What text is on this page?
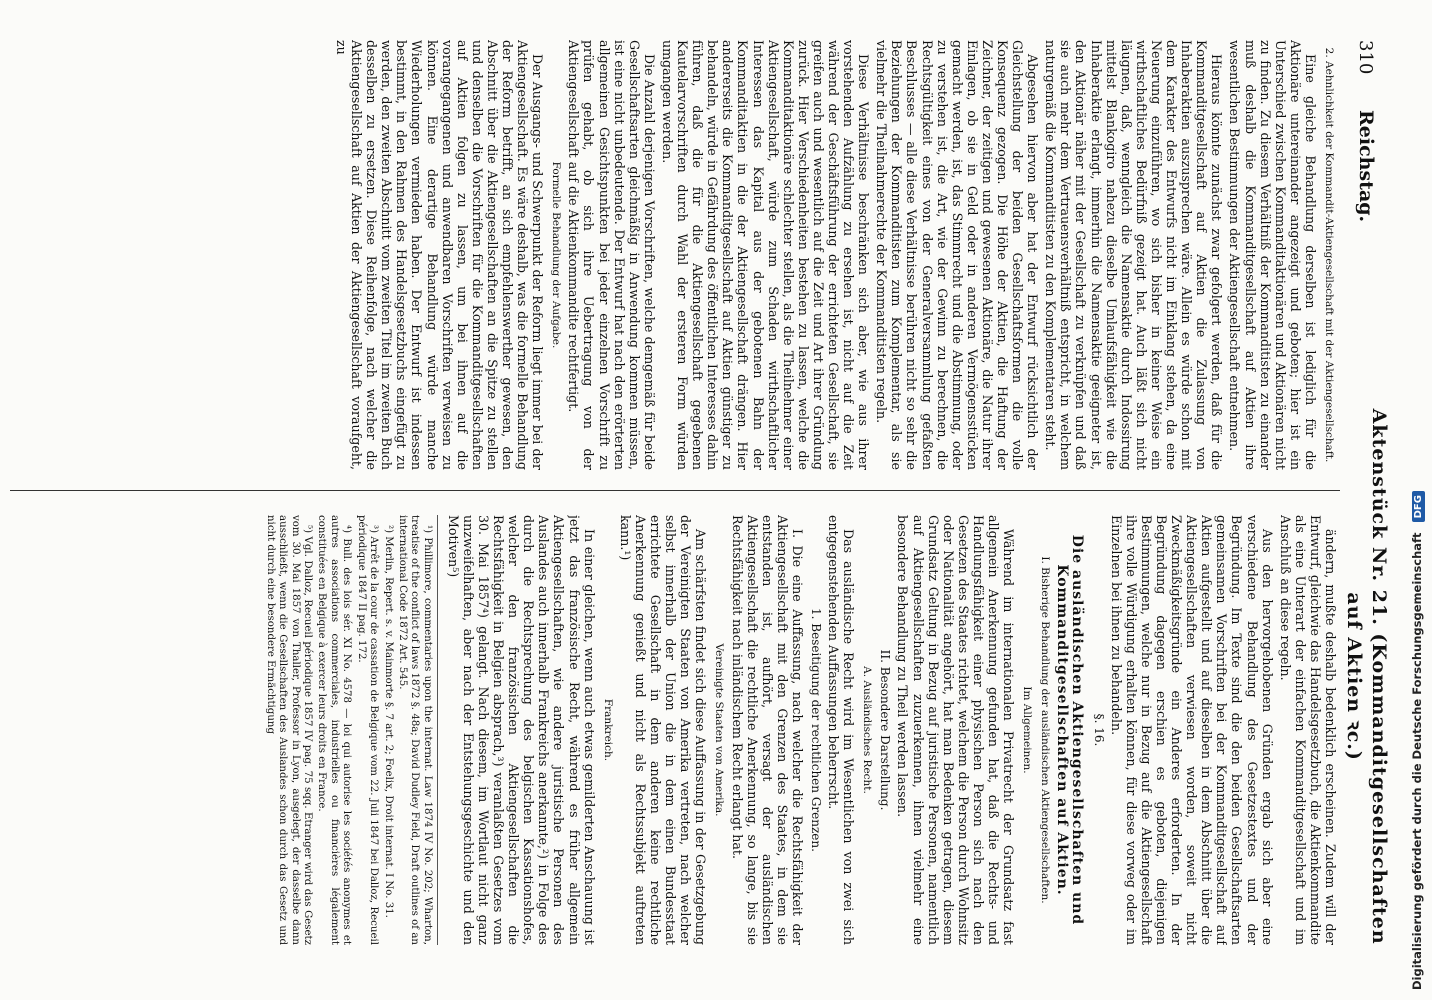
310
Reichstag.
Aktenstück Nr. 21. (Kommanditgesellschaften auf Aktien ꝛc.)

2. Aehnlichkeit der Kommandit-Aktiengesellschaft mit der Aktiengesellschaft.

Eine gleiche Behandlung derselben ist lediglich für die Aktionäre untereinander angezeigt und geboten; hier ist ein Unterschied zwischen Kommanditaktionären und Aktionären nicht zu finden. Zu diesem Verhältniß der Kommanditisten zu einander muß deshalb die Kommanditgesellschaft auf Aktien ihre wesentlichen Bestimmungen der Aktiengesellschaft entnehmen.

Hieraus könnte zunächst zwar gefolgert werden, daß für die Kommanditgesellschaft auf Aktien die Zulassung von Inhaberaktien auszusprechen wäre. Allein es würde schon mit dem Karakter des Entwurfs nicht im Einklang stehen, da eine Neuerung einzuführen, wo sich bisher in keiner Weise ein wirthschaftliches Bedürfniß gezeigt hat. Auch läßt sich nicht läugnen, daß, wenngleich die Namensaktie durch Indossirung mittelst Blankogiro nahezu dieselbe Umlaufsfähigkeit wie die Inhaberaktie erlangt, immerhin die Namensaktie geeigneter ist, den Aktionär näher mit der Gesellschaft zu verknüpfen und daß sie auch mehr dem Vertrauensverhältniß entspricht, in welchem naturgemäß die Kommanditisten zu den Komplementaren steht.

Abgesehen hiervon aber hat der Entwurf rücksichtlich der Gleichstellung der beiden Gesellschaftsformen die volle Konsequenz gezogen. Die Höhe der Aktien, die Haftung der Zeichner, der zeitigen und gewesenen Aktionäre, die Natur ihrer Einlagen, ob sie in Geld oder in anderen Vermögensstücken gemacht werden, ist, das Stimmrecht und die Abstimmung, oder zu verstehen ist, die Art, wie der Gewinn zu berechnen, die Rechtsgültigkeit eines von der Generalversammlung gefaßten Beschlusses — alle diese Verhältnisse berühren nicht so sehr die Beziehungen der Kommanditisten zum Komplementar, als sie vielmehr die Theilnahmerechte der Kommanditisten regeln.

Diese Verhältnisse beschränken sich aber, wie aus ihrer vorstehenden Aufzählung zu ersehen ist, nicht auf die Zeit während der Geschäftsführung der errichteten Gesellschaft, sie greifen auch und wesentlich auf die Zeit und Art ihrer Gründung zurück. Hier Verschiedenheiten bestehen zu lassen, welche die Kommanditaktionäre schlechter stellen, als die Theilnehmer einer Aktiengesellschaft, würde zum Schaden wirthschaftlicher Interessen das Kapital aus der gebotenen Bahn der Kommanditaktien in die der Aktiengesellschaft drängen. Hier andererseits die Kommanditgesellschaft auf Aktien günstiger zu behandeln, würde in Gefährdung des öffentlichen Interesses dahin führen, daß die für die Aktiengesellschaft gegebenen Kautelarvorschriften durch Wahl der ersteren Form würden umgangen werden.

Die Anzahl derjenigen Vorschriften, welche demgemäß für beide Gesellschaftsarten gleichmäßig in Anwendung kommen müssen, ist eine nicht unbedeutende. Der Entwurf hat nach den erörterten allgemeinen Gesichtspunkten bei jeder einzelnen Vorschrift zu prüfen gehabt, ob sich ihre Uebertragung von der Aktiengesellschaft auf die Aktienkommandite rechtfertigt.

Formelle Behandlung der Aufgabe.

Der Ausgangs- und Schwerpunkt der Reform liegt immer bei der Aktiengesellschaft. Es wäre deshalb, was die formelle Behandlung der Reform betrifft, an sich empfehlenswerther gewesen, den Abschnitt über die Aktiengesellschaften an die Spitze zu stellen und denselben die Vorschriften für die Kommanditgesellschaften auf Aktien folgen zu lassen, um bei ihnen auf die vorangegangenen und anwendbaren Vorschriften verweisen zu können. Eine derartige Behandlung würde manche Wiederholungen vermieden haben. Der Entwurf ist indessen bestimmt, in den Rahmen des Handelsgesetzbuchs eingefügt zu werden, den zweiten Abschnitt vom zweiten Titel im zweiten Buch desselben zu ersetzen. Diese Reihenfolge, nach welcher die Aktiengesellschaft auf Aktien der Aktiengesellschaft voraufgeht, zu

ändern, mußte deshalb bedenklich erscheinen. Zudem will der Entwurf, gleichwie das Handelsgesetzbuch, die Aktienkommandite als eine Unterart der einfachen Kommanditgesellschaft und im Anschluß an diese regeln.

Aus den hervorgehobenen Gründen ergab sich aber eine verschiedene Behandlung des Gesetzestextes und der Begründung. Im Texte sind die den beiden Gesellschaftsarten gemeinsamen Vorschriften bei der Kommanditgesellschaft auf Aktien aufgestellt und auf dieselben in dem Abschnitt über die Aktiengesellschaften verwiesen worden, soweit nicht Zweckmäßigkeitsgründe ein Anderes erforderten. In der Begründung dagegen erschien es geboten, diejenigen Bestimmungen, welche nur in Bezug auf die Aktiengesellschaft ihre volle Würdigung erhalten können, für diese vorweg oder im Einzelnen bei ihnen zu behandeln.

§. 16.

Die ausländischen Aktiengesellschaften und Kommanditgesellschaften auf Aktien.

I. Bisherige Behandlung der ausländischen Aktiengesellschaften.

Im Allgemeinen.

Während im internationalen Privatrecht der Grundsatz fast allgemein Anerkennung gefunden hat, daß die Rechts- und Handlungsfähigkeit einer physischen Person sich nach den Gesetzen des Staates richtet, welchem die Person durch Wohnsitz oder Nationalität angehört, hat man Bedenken getragen, diesem Grundsatz Geltung in Bezug auf juristische Personen, namentlich auf Aktiengesellschaften zuzuerkennen, ihnen vielmehr eine besondere Behandlung zu Theil werden lassen.

II. Besondere Darstellung.

A. Ausländisches Recht.

Das ausländische Recht wird im Wesentlichen von zwei sich entgegenstehenden Auffassungen beherrscht.

1. Beseitigung der rechtlichen Grenzen.

I. Die eine Auffassung, nach welcher die Rechtsfähigkeit der Aktiengesellschaft mit den Grenzen des Staates, in dem sie entstanden ist, aufhört, versagt der ausländischen Aktiengesellschaft die rechtliche Anerkennung, so lange, bis sie Rechtsfähigkeit nach inländischem Recht erlangt hat.

Vereinigte Staaten von Amerika.

Am schärfsten findet sich diese Auffassung in der Gesetzgebung der Vereinigten Staaten von Amerika vertreten, nach welcher selbst innerhalb der Union die in dem einen Bundesstaat errichtete Gesellschaft in dem anderen keine rechtliche Anerkennung genießt und nicht als Rechtssubjekt auftreten kann.¹)

Frankreich.

In einer gleichen, wenn auch etwas gemilderten Anschauung ist jetzt das französische Recht, während es früher allgemein Aktiengesellschaften, wie andere juristische Personen des Auslandes auch innerhalb Frankreichs anerkannte,²) in Folge des durch die Rechtsprechung des belgischen Kassationshofes, welcher den französischen Aktiengesellschaften die Rechtsfähigkeit in Belgien absprach,³) veranlaßten Gesetzes vom 30. Mai 1857⁴) gelangt. Nach diesem, im Wortlaut nicht ganz unzweifelhaften, aber nach der Entstehungsgeschichte und den Motiven⁵)

¹) Phillimore, commentaries upon the internat. Law 1874 IV No. 202; Wharton, treatise of the conflict of laws 1872 §. 48a; David Dudley Field, Draft outlines of an international Code 1872 Art. 545.

²) Merlin, Repert. s. v. Mainmorte §. 7 art. 2; Foelix, Droit internat. I No. 31.

³) Arrêt de la cour de cassation de Belgique vom 22. Juli 1847 bei Dalloz, Recueil périodique 1847 II pag. 172.

⁴) Bull. des lois sér. XI No. 4578 — loi qui autorise les sociétés anonymes et autres associations commerciales, industrielles ou financières légalement constituées en Belgique à exercer leurs droits en France.

⁵) Vgl. Dalloz, Recueil périodique 1857 IV pag. 75 sqq. Etranger wird das Gesetz vom 30. Mai 1857 von Thaller, Professor in Lyon, ausgelegt, der dasselbe dann ausschließt, wenn die Gesellschaften des Auslandes schon durch das Gesetz und nicht durch eine besondere Ermächtigung	Digitalisierung gefördert durch die Deutsche Forschungsgemeinschaft DFG
